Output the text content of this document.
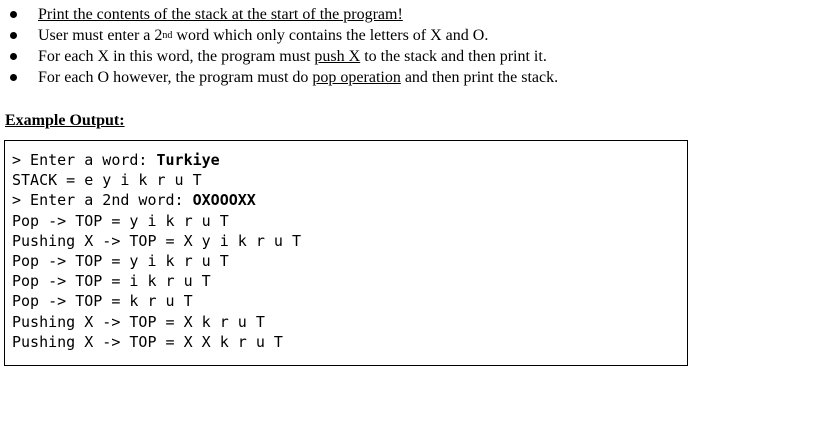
Print the contents of the stack at the start of the program!
User must enter a 2nd word which only contains the letters of X and O.
For each X in this word, the program must push X to the stack and then print it.
For each O however, the program must do pop operation and then print the stack.
Example Output:
> Enter a word: Turkiye
STACK = e y i k r u T
> Enter a 2nd word: OXOOOXX
Pop -> TOP = y i k r u T
Pushing X -> TOP = X y i k r u T
Pop -> TOP = y i k r u T
Pop -> TOP = i k r u T
Pop -> TOP = k r u T
Pushing X -> TOP = X k r u T
Pushing X -> TOP = X X k r u T
